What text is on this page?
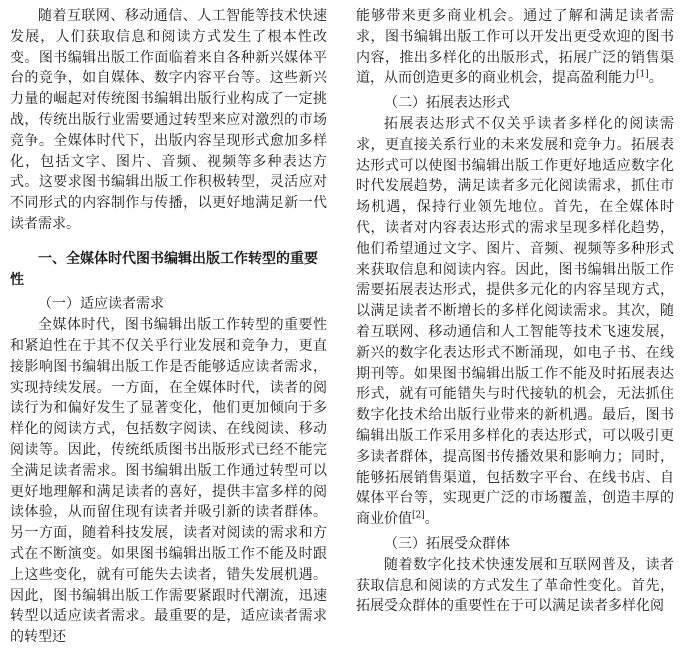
随着互联网、移动通信、人工智能等技术快速发展，人们获取信息和阅读方式发生了根本性改变。图书编辑出版工作面临着来自各种新兴媒体平台的竞争，如自媒体、数字内容平台等。这些新兴力量的崛起对传统图书编辑出版行业构成了一定挑战，传统出版行业需要通过转型来应对激烈的市场竞争。全媒体时代下，出版内容呈现形式愈加多样化，包括文字、图片、音频、视频等多种表达方式。这要求图书编辑出版工作积极转型，灵活应对不同形式的内容制作与传播，以更好地满足新一代读者需求。

一、全媒体时代图书编辑出版工作转型的重要性
（一）适应读者需求

全媒体时代，图书编辑出版工作转型的重要性和紧迫性在于其不仅关乎行业发展和竞争力，更直接影响图书编辑出版工作是否能够适应读者需求，实现持续发展。一方面，在全媒体时代，读者的阅读行为和偏好发生了显著变化，他们更加倾向于多样化的阅读方式，包括数字阅读、在线阅读、移动阅读等。因此，传统纸质图书出版形式已经不能完全满足读者需求。图书编辑出版工作通过转型可以更好地理解和满足读者的喜好，提供丰富多样的阅读体验，从而留住现有读者并吸引新的读者群体。另一方面，随着科技发展，读者对阅读的需求和方式在不断演变。如果图书编辑出版工作不能及时跟上这些变化，就有可能失去读者，错失发展机遇。因此，图书编辑出版工作需要紧跟时代潮流，迅速转型以适应读者需求。最重要的是，适应读者需求的转型还

能够带来更多商业机会。通过了解和满足读者需求，图书编辑出版工作可以开发出更受欢迎的图书内容，推出多样化的出版形式，拓展广泛的销售渠道，从而创造更多的商业机会，提高盈利能力[1]。

（二）拓展表达形式

拓展表达形式不仅关乎读者多样化的阅读需求，更直接关系行业的未来发展和竞争力。拓展表达形式可以使图书编辑出版工作更好地适应数字化时代发展趋势，满足读者多元化阅读需求，抓住市场机遇，保持行业领先地位。首先，在全媒体时代，读者对内容表达形式的需求呈现多样化趋势，他们希望通过文字、图片、音频、视频等多种形式来获取信息和阅读内容。因此，图书编辑出版工作需要拓展表达形式，提供多元化的内容呈现方式，以满足读者不断增长的多样化阅读需求。其次，随着互联网、移动通信和人工智能等技术飞速发展，新兴的数字化表达形式不断涌现，如电子书、在线期刊等。如果图书编辑出版工作不能及时拓展表达形式，就有可能错失与时代接轨的机会，无法抓住数字化技术给出版行业带来的新机遇。最后，图书编辑出版工作采用多样化的表达形式，可以吸引更多读者群体，提高图书传播效果和影响力；同时，能够拓展销售渠道，包括数字平台、在线书店、自媒体平台等，实现更广泛的市场覆盖，创造丰厚的商业价值[2]。

（三）拓展受众群体

随着数字化技术快速发展和互联网普及，读者获取信息和阅读的方式发生了革命性变化。首先，拓展受众群体的重要性在于可以满足读者多样化阅
